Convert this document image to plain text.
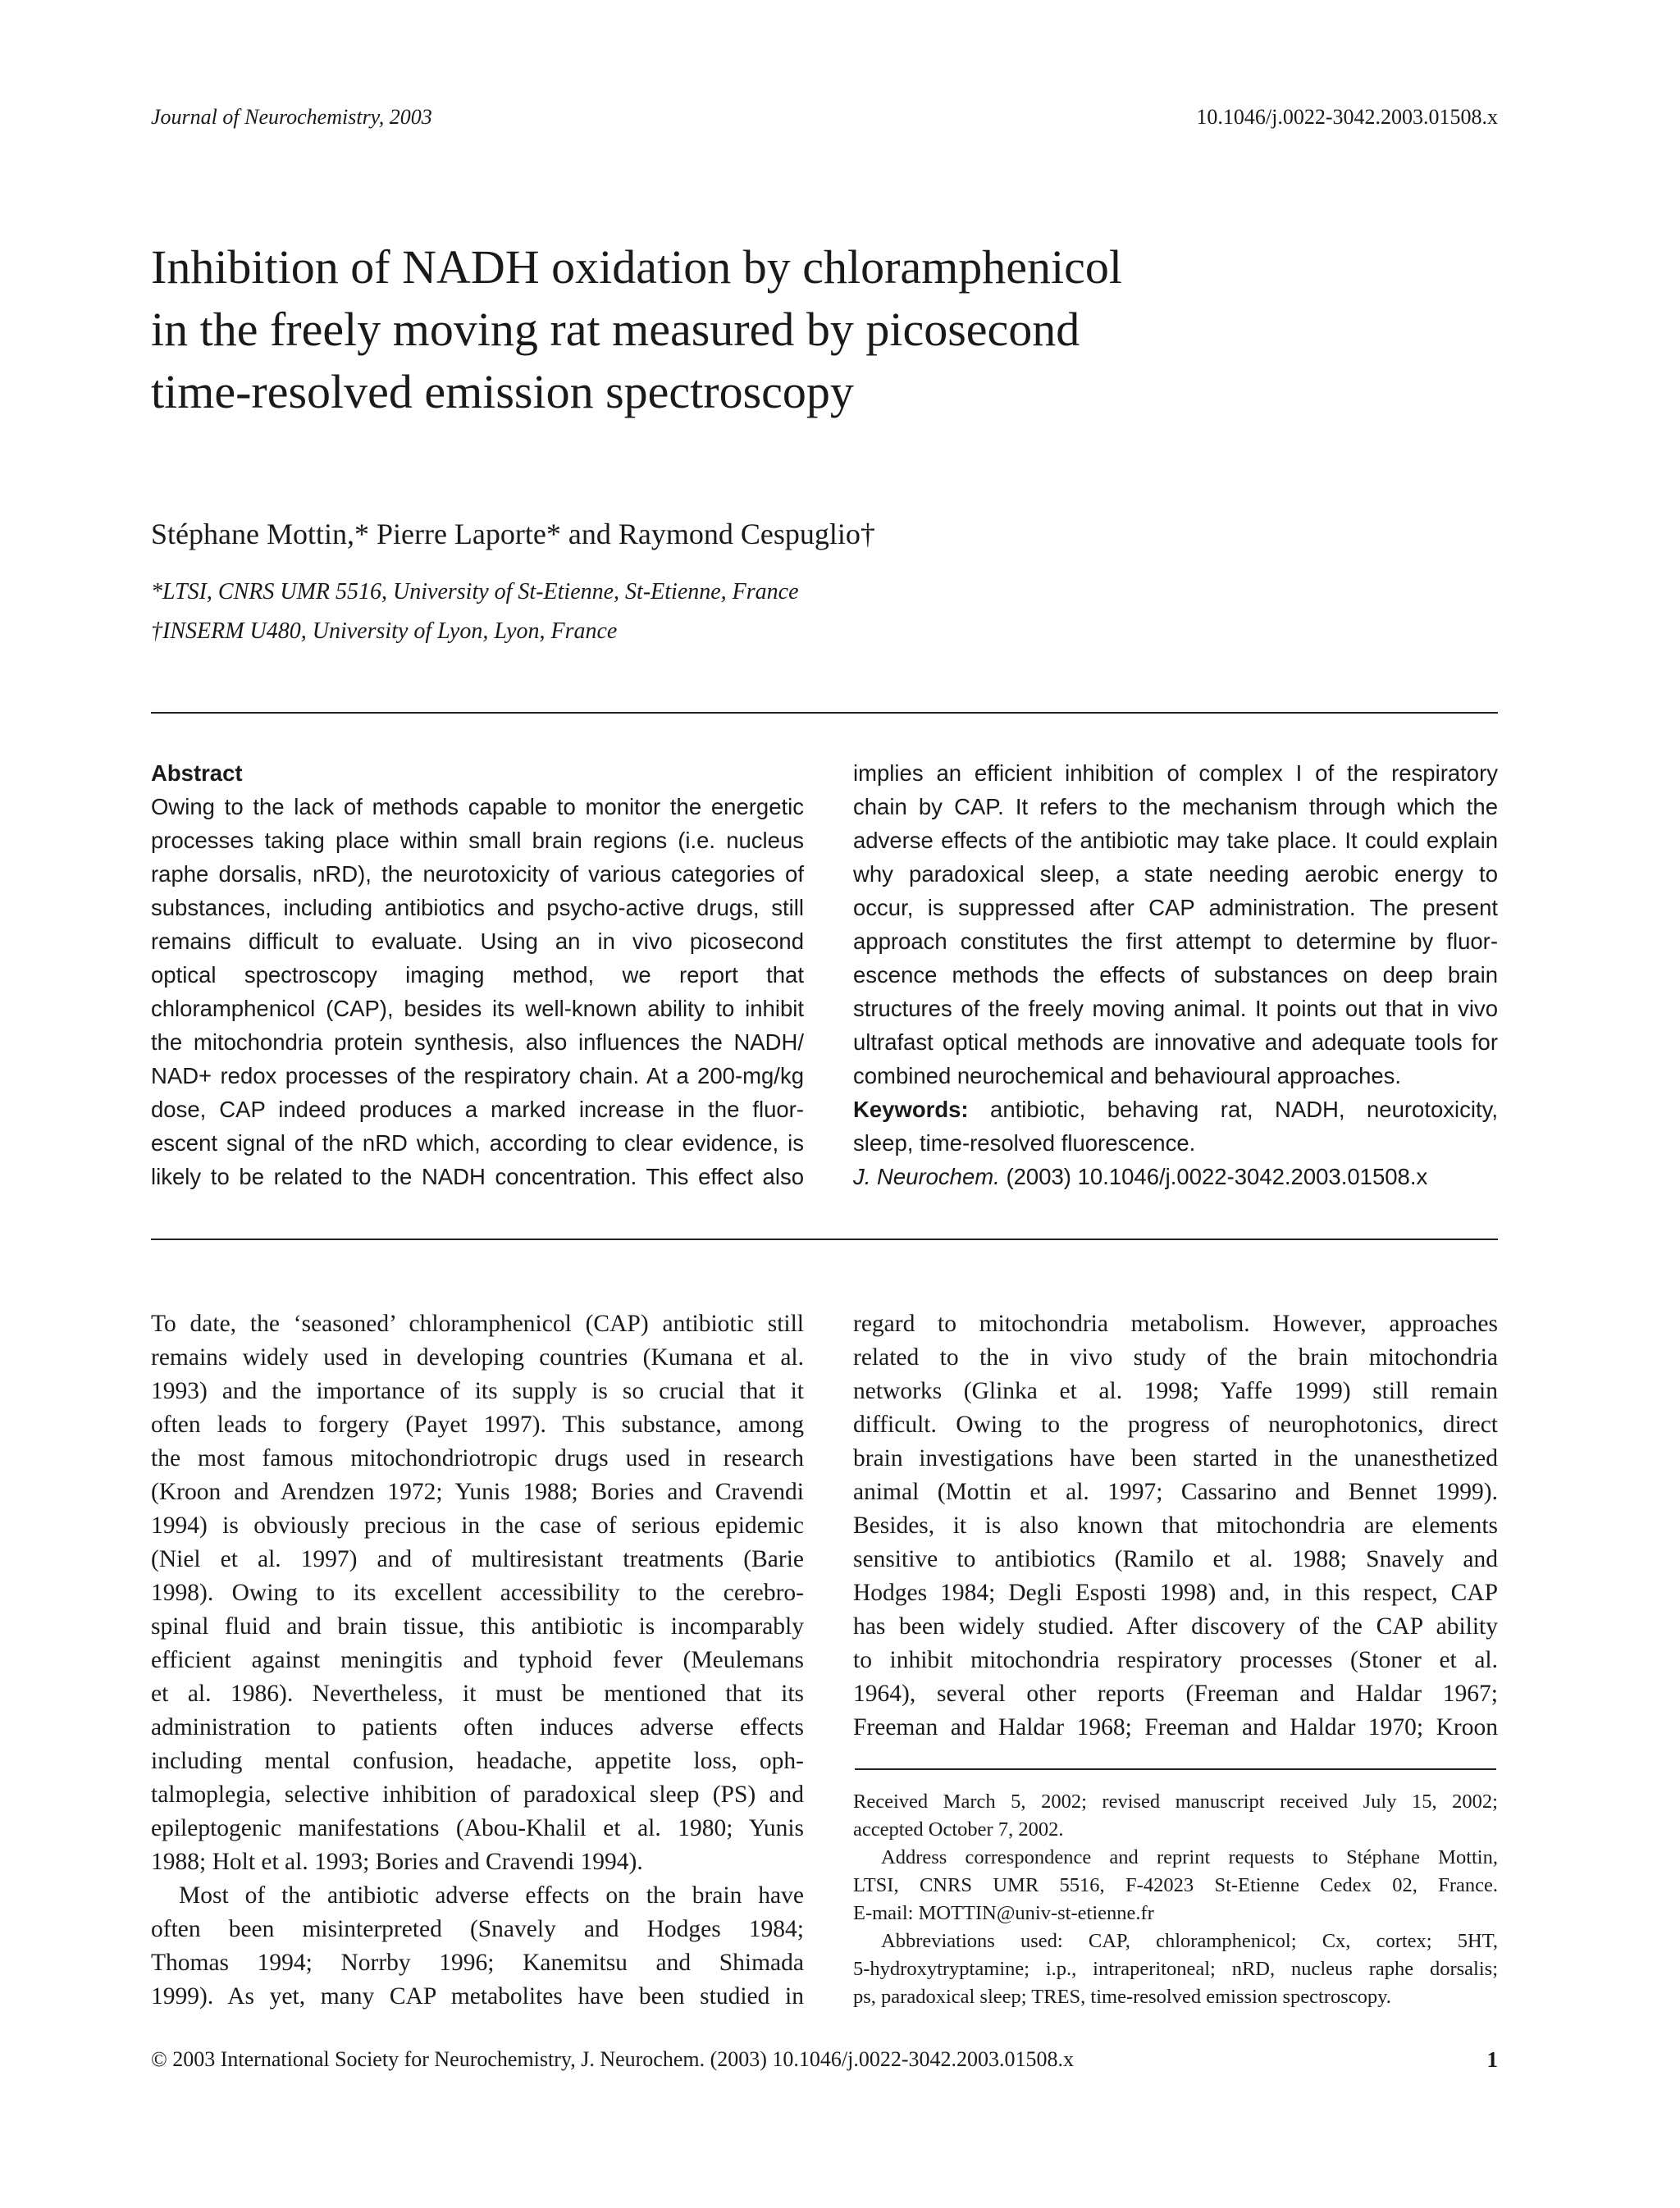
Journal of Neurochemistry, 2003	10.1046/j.0022-3042.2003.01508.x
Inhibition of NADH oxidation by chloramphenicol
in the freely moving rat measured by picosecond
time-resolved emission spectroscopy
Stéphane Mottin,* Pierre Laporte* and Raymond Cespuglio†
*LTSI, CNRS UMR 5516, University of St-Etienne, St-Etienne, France
†INSERM U480, University of Lyon, Lyon, France
Abstract
Owing to the lack of methods capable to monitor the energetic
processes taking place within small brain regions (i.e. nucleus
raphe dorsalis, nRD), the neurotoxicity of various categories of
substances, including antibiotics and psycho-active drugs, still
remains difficult to evaluate. Using an in vivo picosecond
optical spectroscopy imaging method, we report that
chloramphenicol (CAP), besides its well-known ability to inhibit
the mitochondria protein synthesis, also influences the NADH/
NAD+ redox processes of the respiratory chain. At a 200-mg/kg
dose, CAP indeed produces a marked increase in the fluor-
escent signal of the nRD which, according to clear evidence, is
likely to be related to the NADH concentration. This effect also
implies an efficient inhibition of complex I of the respiratory
chain by CAP. It refers to the mechanism through which the
adverse effects of the antibiotic may take place. It could explain
why paradoxical sleep, a state needing aerobic energy to
occur, is suppressed after CAP administration. The present
approach constitutes the first attempt to determine by fluor-
escence methods the effects of substances on deep brain
structures of the freely moving animal. It points out that in vivo
ultrafast optical methods are innovative and adequate tools for
combined neurochemical and behavioural approaches.
Keywords: antibiotic, behaving rat, NADH, neurotoxicity,
sleep, time-resolved fluorescence.
J. Neurochem. (2003) 10.1046/j.0022-3042.2003.01508.x
To date, the ‘seasoned’ chloramphenicol (CAP) antibiotic still
remains widely used in developing countries (Kumana et al.
1993) and the importance of its supply is so crucial that it
often leads to forgery (Payet 1997). This substance, among
the most famous mitochondriotropic drugs used in research
(Kroon and Arendzen 1972; Yunis 1988; Bories and Cravendi
1994) is obviously precious in the case of serious epidemic
(Niel et al. 1997) and of multiresistant treatments (Barie
1998). Owing to its excellent accessibility to the cerebro-
spinal fluid and brain tissue, this antibiotic is incomparably
efficient against meningitis and typhoid fever (Meulemans
et al. 1986). Nevertheless, it must be mentioned that its
administration to patients often induces adverse effects
including mental confusion, headache, appetite loss, oph-
talmoplegia, selective inhibition of paradoxical sleep (PS) and
epileptogenic manifestations (Abou-Khalil et al. 1980; Yunis
1988; Holt et al. 1993; Bories and Cravendi 1994).
Most of the antibiotic adverse effects on the brain have
often been misinterpreted (Snavely and Hodges 1984;
Thomas 1994; Norrby 1996; Kanemitsu and Shimada
1999). As yet, many CAP metabolites have been studied in
regard to mitochondria metabolism. However, approaches
related to the in vivo study of the brain mitochondria
networks (Glinka et al. 1998; Yaffe 1999) still remain
difficult. Owing to the progress of neurophotonics, direct
brain investigations have been started in the unanesthetized
animal (Mottin et al. 1997; Cassarino and Bennet 1999).
Besides, it is also known that mitochondria are elements
sensitive to antibiotics (Ramilo et al. 1988; Snavely and
Hodges 1984; Degli Esposti 1998) and, in this respect, CAP
has been widely studied. After discovery of the CAP ability
to inhibit mitochondria respiratory processes (Stoner et al.
1964), several other reports (Freeman and Haldar 1967;
Freeman and Haldar 1968; Freeman and Haldar 1970; Kroon
Received March 5, 2002; revised manuscript received July 15, 2002;
accepted October 7, 2002.
Address correspondence and reprint requests to Stéphane Mottin,
LTSI, CNRS UMR 5516, F-42023 St-Etienne Cedex 02, France.
E-mail: MOTTIN@univ-st-etienne.fr
Abbreviations used: CAP, chloramphenicol; Cx, cortex; 5HT,
5-hydroxytryptamine; i.p., intraperitoneal; nRD, nucleus raphe dorsalis;
ps, paradoxical sleep; TRES, time-resolved emission spectroscopy.
© 2003 International Society for Neurochemistry, J. Neurochem. (2003) 10.1046/j.0022-3042.2003.01508.x	1
